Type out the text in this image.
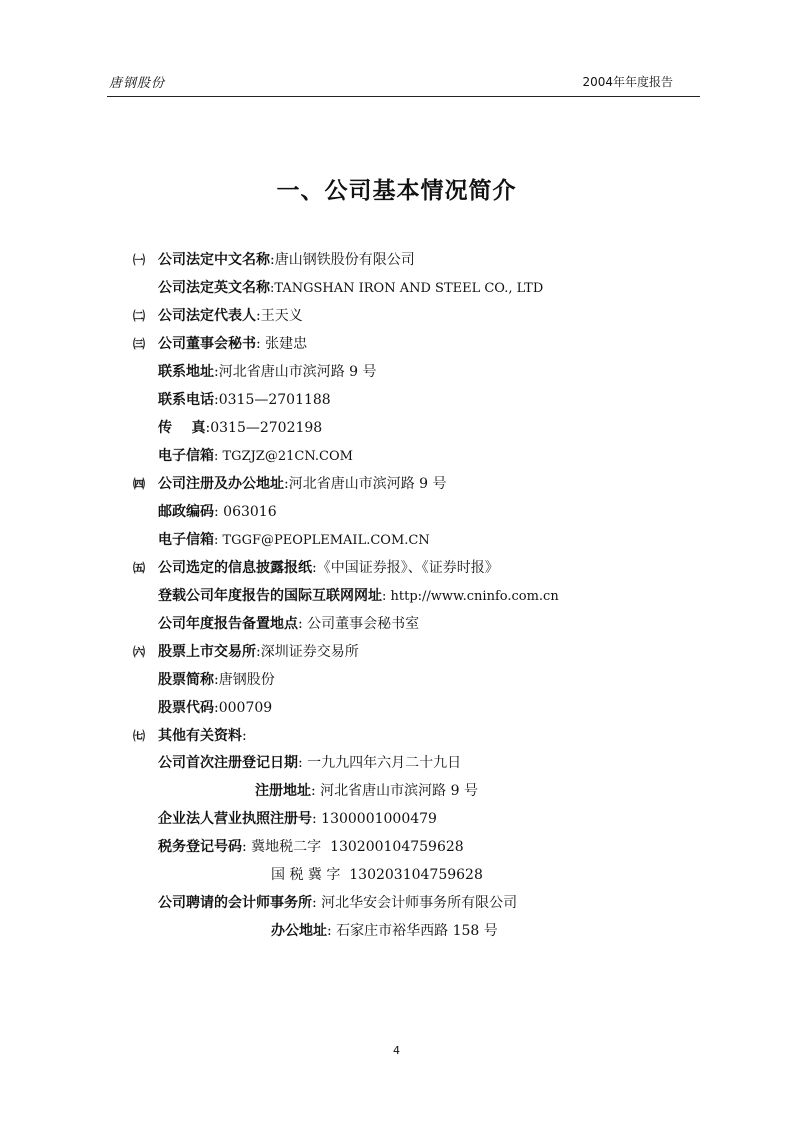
唐钢股份	2004年年度报告
一、公司基本情况简介
㈠
㈡
㈢
㈣
㈤
㈥
㈦
公司法定中文名称:唐山钢铁股份有限公司
公司法定英文名称:TANGSHAN IRON AND STEEL CO., LTD
公司法定代表人:王天义
公司董事会秘书: 张建忠
联系地址:河北省唐山市滨河路 9 号
联系电话:0315—2701188
传    真:0315—2702198
电子信箱: TGZJZ@21CN.COM
公司注册及办公地址:河北省唐山市滨河路 9 号
邮政编码: 063016
电子信箱: TGGF@PEOPLEMAIL.COM.CN
公司选定的信息披露报纸:《中国证券报》、《证券时报》
登载公司年度报告的国际互联网网址: http://www.cninfo.com.cn
公司年度报告备置地点: 公司董事会秘书室
股票上市交易所:深圳证券交易所
股票简称:唐钢股份
股票代码:000709
其他有关资料:
公司首次注册登记日期: 一九九四年六月二十九日
注册地址: 河北省唐山市滨河路 9 号
企业法人营业执照注册号: 1300001000479
税务登记号码: 冀地税二字  130200104759628
国 税 冀 字  130203104759628
公司聘请的会计师事务所: 河北华安会计师事务所有限公司
办公地址: 石家庄市裕华西路 158 号
4
